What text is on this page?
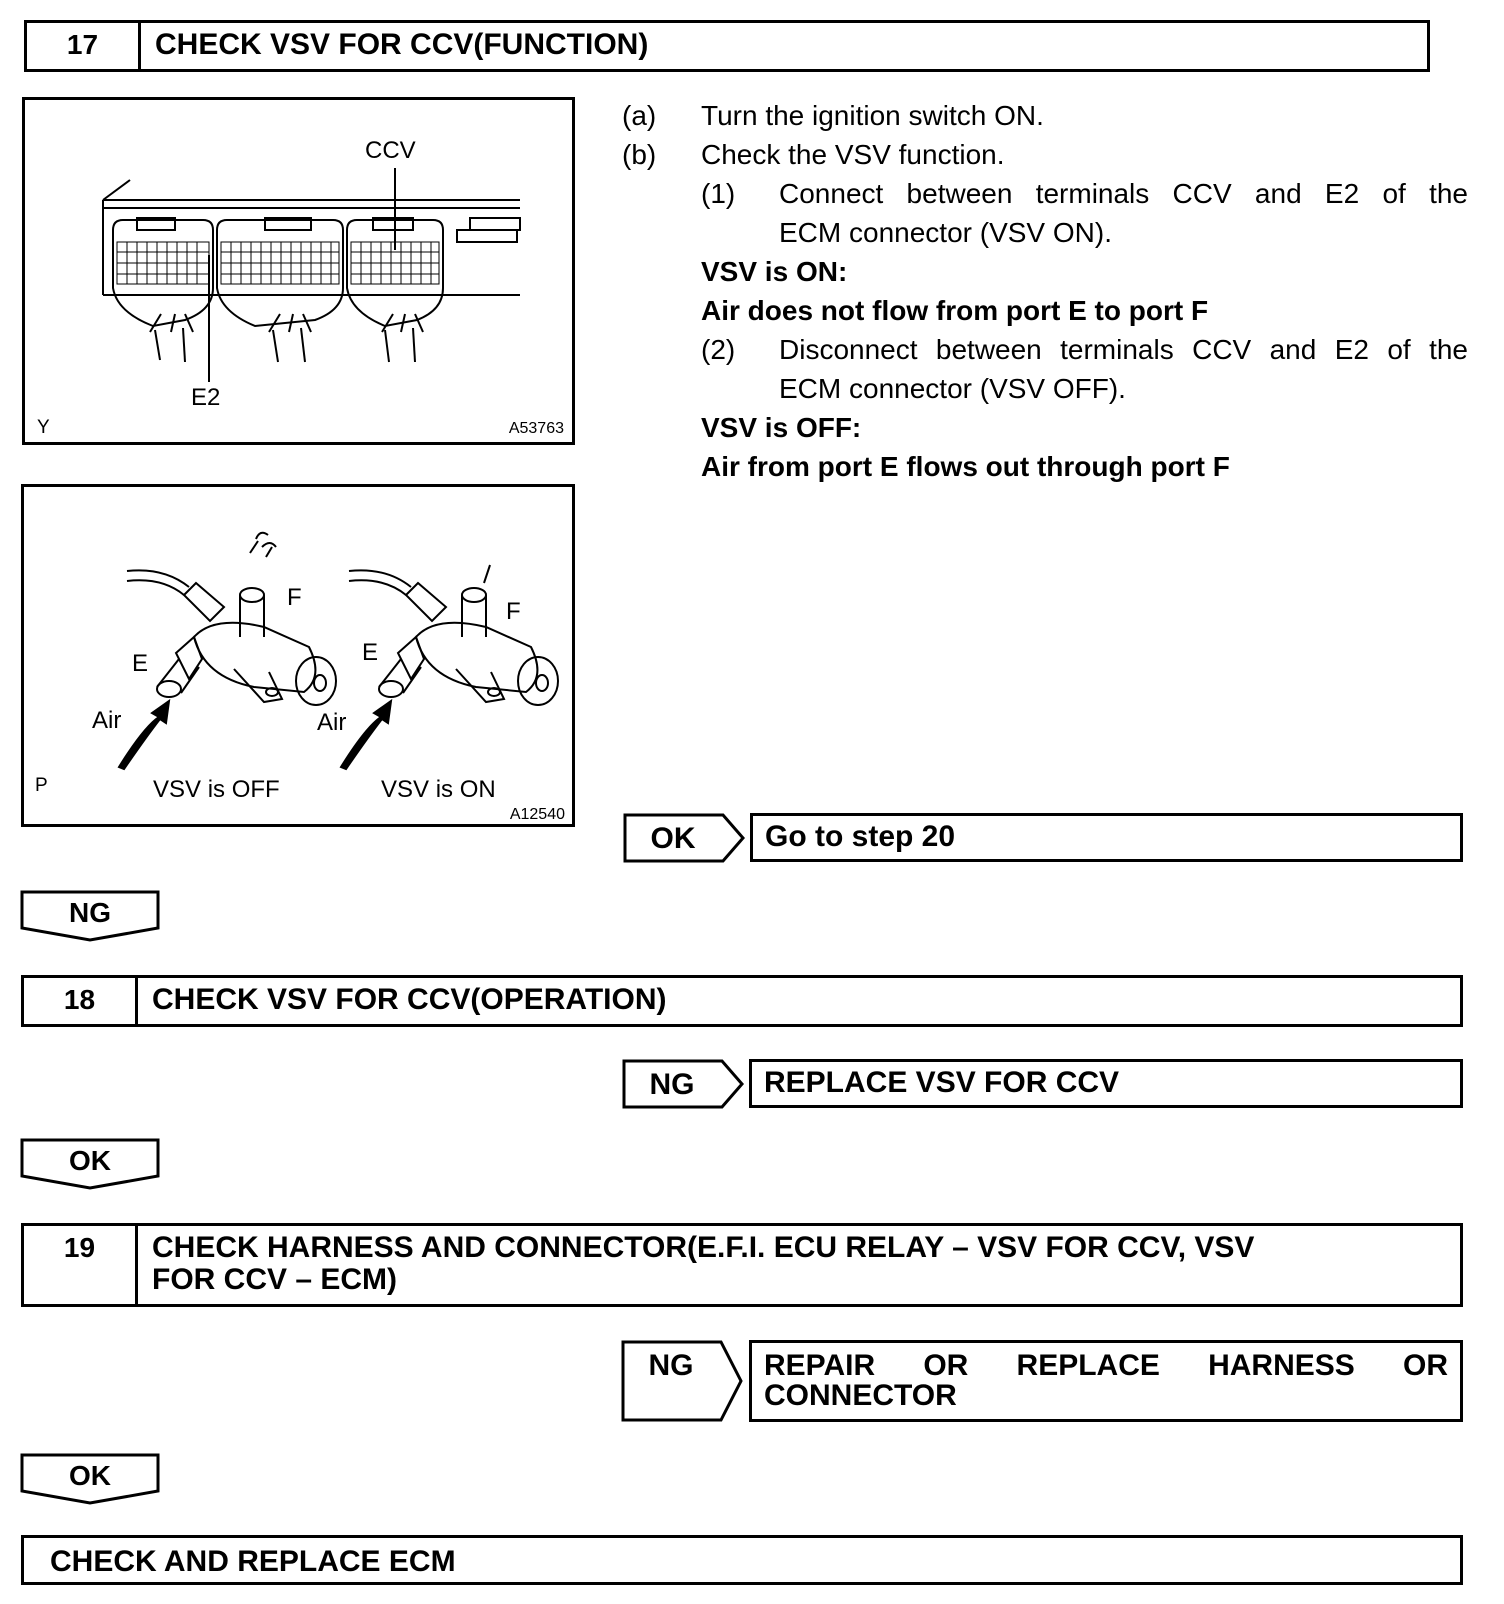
17	CHECK VSV FOR CCV(FUNCTION)
CCV
E2
Y	A53763
F
E
Air
F
E
Air
VSV is OFF	VSV is ON
P
A12540
(a) Turn the ignition switch ON.
(b) Check the VSV function.
(1) Connect between terminals CCV and E2 of the
ECM connector (VSV ON).
VSV is ON:
Air does not flow from port E to port F
(2) Disconnect between terminals CCV and E2 of the
ECM connector (VSV OFF).
VSV is OFF:
Air from port E flows out through port F
OK	Go to step 20
NG
18	CHECK VSV FOR CCV(OPERATION)
NG	REPLACE VSV FOR CCV
OK
19	CHECK HARNESS AND CONNECTOR(E.F.I. ECU RELAY – VSV FOR CCV, VSV
FOR CCV – ECM)
NG	REPAIR OR REPLACE HARNESS OR
CONNECTOR
OK
CHECK AND REPLACE ECM
